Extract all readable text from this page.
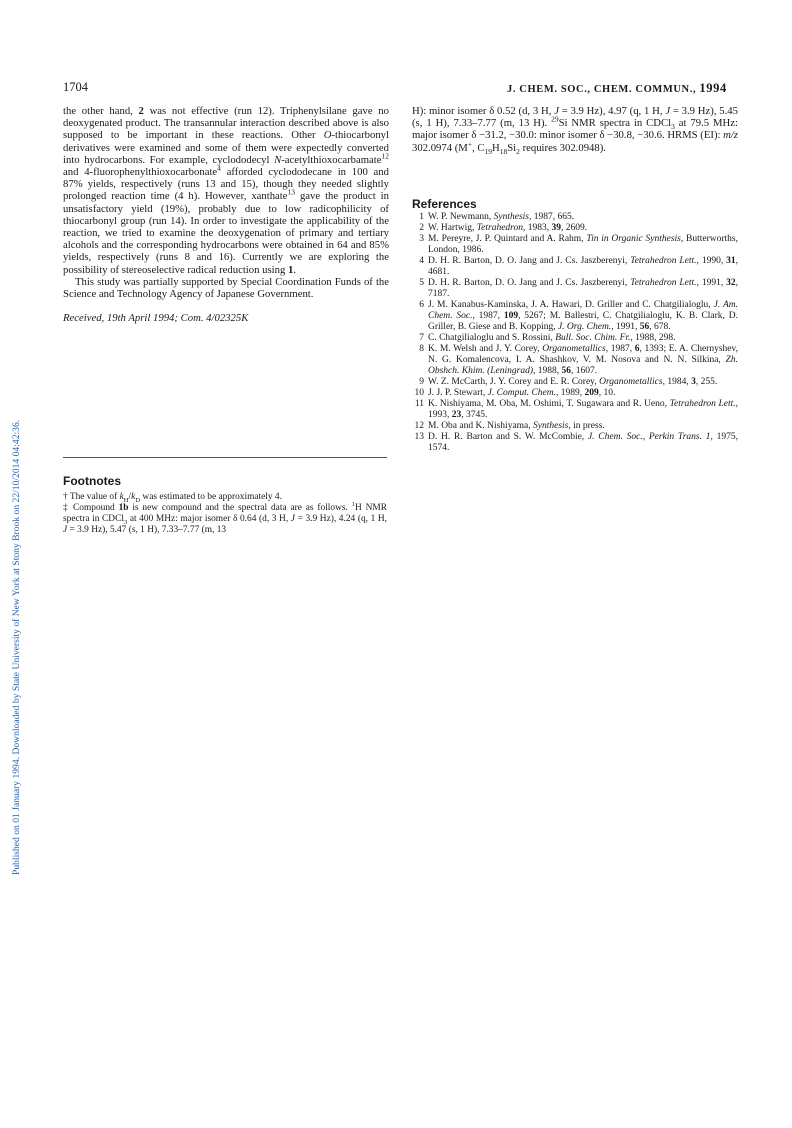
Published on 01 January 1994. Downloaded by State University of New York at Stony Brook on 22/10/2014 04:42:36.
1704	J. CHEM. SOC., CHEM. COMMUN., 1994

the other hand, 2 was not effective (run 12). Triphenylsilane gave no deoxygenated product. The transannular interaction described above is also supposed to be important in these reactions. Other O-thiocarbonyl derivatives were examined and some of them were expectedly converted into hydrocarbons. For example, cyclododecyl N-acetylthioxocarbamate$^{12}$ and 4-fluorophenylthioxocarbonate$^4$ afforded cyclododecane in 100 and 87% yields, respectively (runs 13 and 15), though they needed slightly prolonged reaction time (4 h). However, xanthate$^{13}$ gave the product in unsatisfactory yield (19%), probably due to low radicophilicity of thiocarbonyl group (run 14). In order to investigate the applicability of the reaction, we tried to examine the deoxygenation of primary and tertiary alcohols and the corresponding hydrocarbons were obtained in 64 and 85% yields, respectively (runs 8 and 16). Currently we are exploring the possibility of stereoselective radical reduction using 1.

This study was partially supported by Special Coordination Funds of the Science and Technology Agency of Japanese Government.

Received, 19th April 1994; Com. 4/02325K

Footnotes

† The value of $k_H/k_D$ was estimated to be approximately 4.

‡ Compound 1b is new compound and the spectral data are as follows. $^1$H NMR spectra in CDCl$_3$ at 400 MHz: major isomer δ 0.64 (d, 3 H, J = 3.9 Hz), 4.24 (q, 1 H, J = 3.9 Hz), 5.47 (s, 1 H), 7.33–7.77 (m, 13

H): minor isomer δ 0.52 (d, 3 H, J = 3.9 Hz), 4.97 (q, 1 H, J = 3.9 Hz), 5.45 (s, 1 H), 7.33–7.77 (m, 13 H). $^{29}$Si NMR spectra in CDCl$_3$ at 79.5 MHz: major isomer δ −31.2, −30.0: minor isomer δ −30.8, −30.6. HRMS (EI): m/z 302.0974 (M+, $C_{19}H_{18}Si_2$ requires 302.0948).

References
1 W. P. Newmann, Synthesis, 1987, 665.
2 W. Hartwig, Tetrahedron, 1983, 39, 2609.
3 M. Pereyre, J. P. Quintard and A. Rahm, Tin in Organic Synthesis, Butterworths, London, 1986.
4 D. H. R. Barton, D. O. Jang and J. Cs. Jaszberenyi, Tetrahedron Lett., 1990, 31, 4681.
5 D. H. R. Barton, D. O. Jang and J. Cs. Jaszberenyi, Tetrahedron Lett., 1991, 32, 7187.
6 J. M. Kanabus-Kaminska, J. A. Hawari, D. Griller and C. Chatgilialoglu, J. Am. Chem. Soc., 1987, 109, 5267; M. Ballestri, C. Chatgilialoglu, K. B. Clark, D. Griller, B. Giese and B. Kopping, J. Org. Chem., 1991, 56, 678.
7 C. Chatgilialoglu and S. Rossini, Bull. Soc. Chim. Fr., 1988, 298.
8 K. M. Welsh and J. Y. Corey, Organometallics, 1987, 6, 1393; E. A. Chernyshev, N. G. Komalencova, I. A. Shashkov, V. M. Nosova and N. N. Silkina, Zh. Obshch. Khim. (Leningrad), 1988, 56, 1607.
9 W. Z. McCarth, J. Y. Corey and E. R. Corey, Organometallics, 1984, 3, 255.
10 J. J. P. Stewart, J. Comput. Chem., 1989, 209, 10.
11 K. Nishiyama, M. Oba, M. Oshimi, T. Sugawara and R. Ueno, Tetrahedron Lett., 1993, 23, 3745.
12 M. Oba and K. Nishiyama, Synthesis, in press.
13 D. H. R. Barton and S. W. McCombie, J. Chem. Soc., Perkin Trans. 1, 1975, 1574.
